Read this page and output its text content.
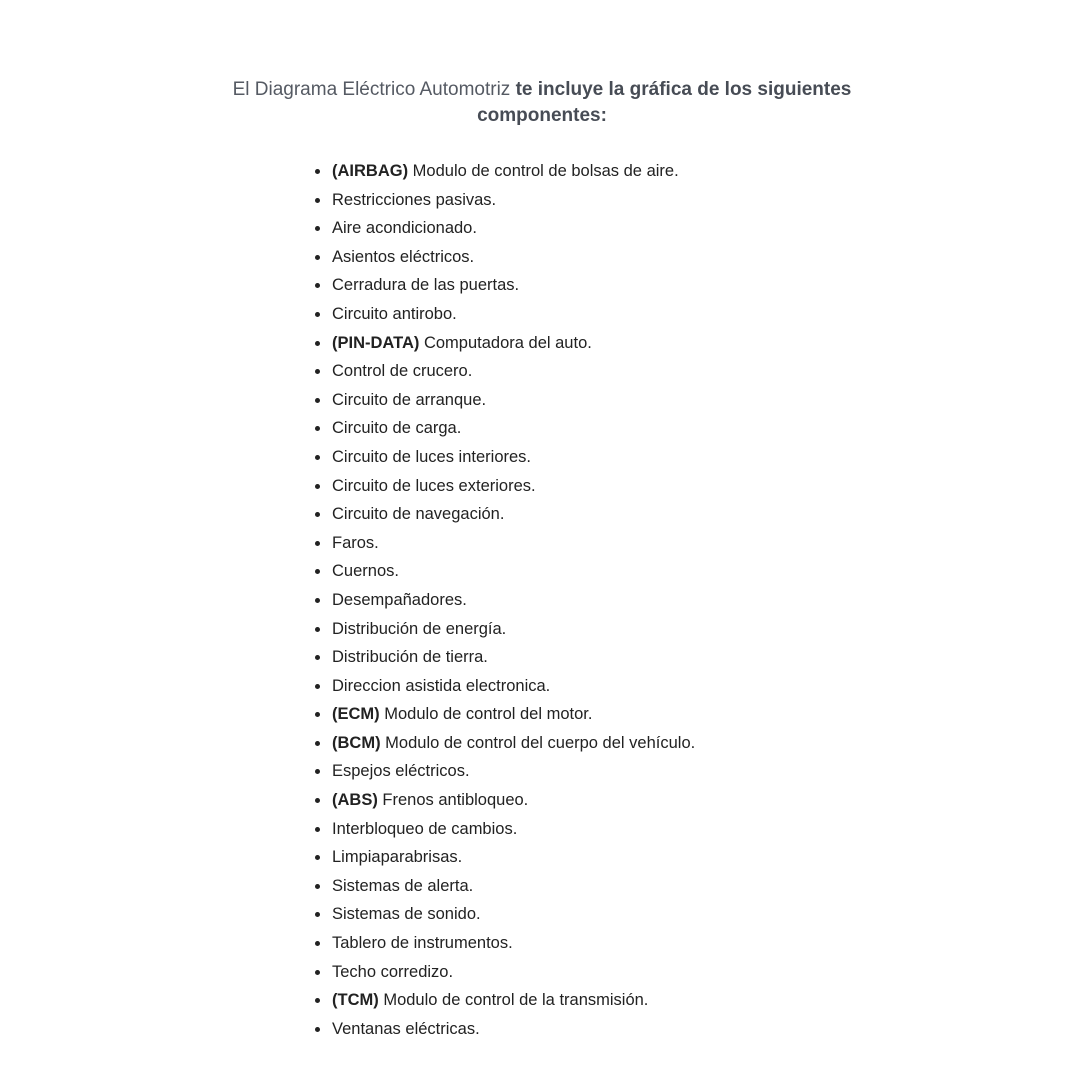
El Diagrama Eléctrico Automotriz te incluye la gráfica de los siguientes componentes:

(AIRBAG) Modulo de control de bolsas de aire.
Restricciones pasivas.
Aire acondicionado.
Asientos eléctricos.
Cerradura de las puertas.
Circuito antirobo.
(PIN-DATA) Computadora del auto.
Control de crucero.
Circuito de arranque.
Circuito de carga.
Circuito de luces interiores.
Circuito de luces exteriores.
Circuito de navegación.
Faros.
Cuernos.
Desempañadores.
Distribución de energía.
Distribución de tierra.
Direccion asistida electronica.
(ECM) Modulo de control del motor.
(BCM) Modulo de control del cuerpo del vehículo.
Espejos eléctricos.
(ABS) Frenos antibloqueo.
Interbloqueo de cambios.
Limpiaparabrisas.
Sistemas de alerta.
Sistemas de sonido.
Tablero de instrumentos.
Techo corredizo.
(TCM) Modulo de control de la transmisión.
Ventanas eléctricas.
